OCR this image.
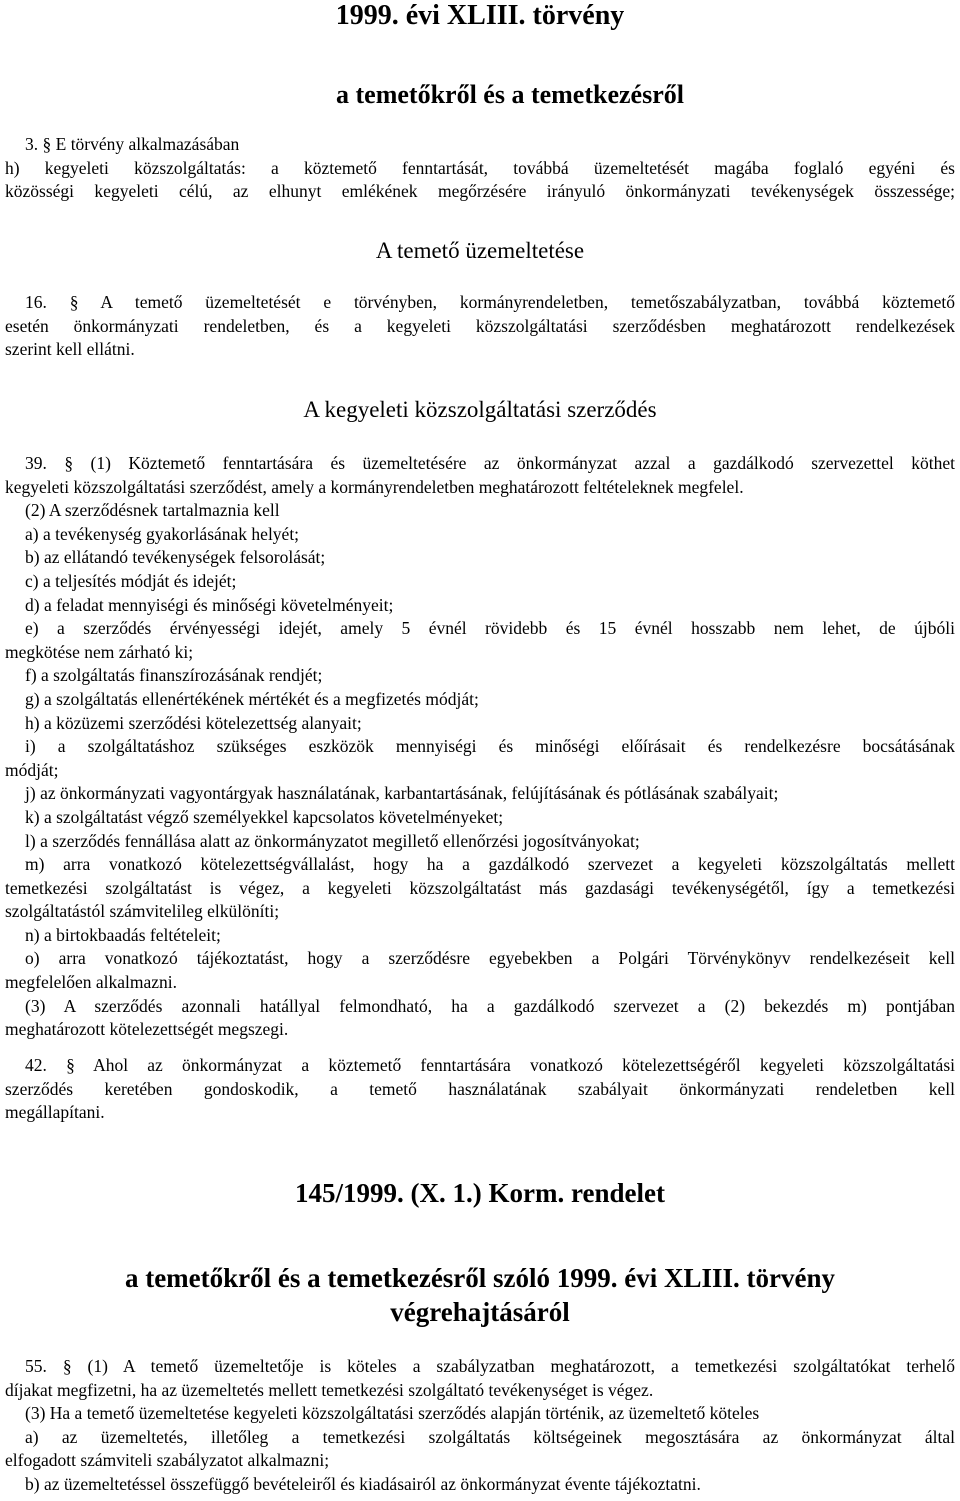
1999. évi XLIII. törvény
a temetőkről és a temetkezésről
3. § E törvény alkalmazásában
h) kegyeleti közszolgáltatás: a köztemető fenntartását, továbbá üzemeltetését magába foglaló egyéni és
közösségi kegyeleti célú, az elhunyt emlékének megőrzésére irányuló önkormányzati tevékenységek összessége;
A temető üzemeltetése
16. § A temető üzemeltetését e törvényben, kormányrendeletben, temetőszabályzatban, továbbá köztemető
esetén önkormányzati rendeletben, és a kegyeleti közszolgáltatási szerződésben meghatározott rendelkezések
szerint kell ellátni.
A kegyeleti közszolgáltatási szerződés
39. § (1) Köztemető fenntartására és üzemeltetésére az önkormányzat azzal a gazdálkodó szervezettel köthet
kegyeleti közszolgáltatási szerződést, amely a kormányrendeletben meghatározott feltételeknek megfelel.
(2) A szerződésnek tartalmaznia kell
a) a tevékenység gyakorlásának helyét;
b) az ellátandó tevékenységek felsorolását;
c) a teljesítés módját és idejét;
d) a feladat mennyiségi és minőségi követelményeit;
e) a szerződés érvényességi idejét, amely 5 évnél rövidebb és 15 évnél hosszabb nem lehet, de újbóli
megkötése nem zárható ki;
f) a szolgáltatás finanszírozásának rendjét;
g) a szolgáltatás ellenértékének mértékét és a megfizetés módját;
h) a közüzemi szerződési kötelezettség alanyait;
i) a szolgáltatáshoz szükséges eszközök mennyiségi és minőségi előírásait és rendelkezésre bocsátásának
módját;
j) az önkormányzati vagyontárgyak használatának, karbantartásának, felújításának és pótlásának szabályait;
k) a szolgáltatást végző személyekkel kapcsolatos követelményeket;
l) a szerződés fennállása alatt az önkormányzatot megillető ellenőrzési jogosítványokat;
m) arra vonatkozó kötelezettségvállalást, hogy ha a gazdálkodó szervezet a kegyeleti közszolgáltatás mellett
temetkezési szolgáltatást is végez, a kegyeleti közszolgáltatást más gazdasági tevékenységétől, így a temetkezési
szolgáltatástól számvitelileg elkülöníti;
n) a birtokbaadás feltételeit;
o) arra vonatkozó tájékoztatást, hogy a szerződésre egyebekben a Polgári Törvénykönyv rendelkezéseit kell
megfelelően alkalmazni.
(3) A szerződés azonnali hatállyal felmondható, ha a gazdálkodó szervezet a (2) bekezdés m) pontjában
meghatározott kötelezettségét megszegi.
42. § Ahol az önkormányzat a köztemető fenntartására vonatkozó kötelezettségéről kegyeleti közszolgáltatási
szerződés keretében gondoskodik, a temető használatának szabályait önkormányzati rendeletben kell
megállapítani.
145/1999. (X. 1.) Korm. rendelet
a temetőkről és a temetkezésről szóló 1999. évi XLIII. törvény
végrehajtásáról
55. § (1) A temető üzemeltetője is köteles a szabályzatban meghatározott, a temetkezési szolgáltatókat terhelő
díjakat megfizetni, ha az üzemeltetés mellett temetkezési szolgáltató tevékenységet is végez.
(3) Ha a temető üzemeltetése kegyeleti közszolgáltatási szerződés alapján történik, az üzemeltető köteles
a) az üzemeltetés, illetőleg a temetkezési szolgáltatás költségeinek megosztására az önkormányzat által
elfogadott számviteli szabályzatot alkalmazni;
b) az üzemeltetéssel összefüggő bevételeiről és kiadásairól az önkormányzat évente tájékoztatni.
